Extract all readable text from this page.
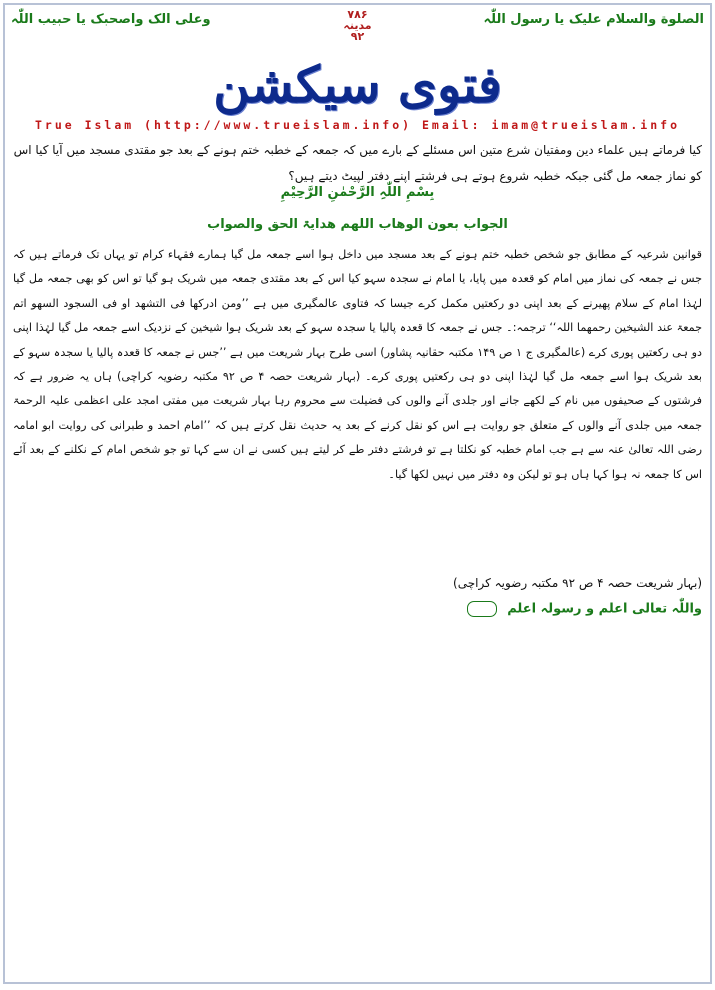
الصلوة والسلام علیک یا رسول اللّٰہ
۷۸۶
مدینہ
۹۲
وعلی الک واصحبک یا حبیب اللّٰہ
فتوی سیکشن
True Islam (http://www.trueislam.info) Email: imam@trueislam.info
کیا فرماتے ہیں علماء دین ومفتیان شرع متین اس مسئلے کے بارے میں کہ جمعہ کے خطبہ ختم ہونے کے بعد جو مقتدی مسجد میں آیا کیا اس کو نماز جمعہ مل گئی جبکہ خطبہ شروع ہوتے ہی فرشتے اپنے دفتر لپیٹ دیتے ہیں؟
بِسْمِ اللّٰہِ الرَّحْمٰنِ الرَّحِیْمِ
الجواب بعون الوھاب اللھم ھدایۃ الحق والصواب
قوانین شرعیہ کے مطابق جو شخص خطبہ ختم ہونے کے بعد مسجد میں داخل ہوا اسے جمعہ مل گیا ہمارے فقہاء کرام تو یہاں تک فرماتے ہیں کہ جس نے جمعہ کی نماز میں امام کو قعدہ میں پایا، یا امام نے سجدہ سہو کیا اس کے بعد مقتدی جمعہ میں شریک ہو گیا تو اس کو بھی جمعہ مل گیا لہٰذا امام کے سلام پھیرنے کے بعد اپنی دو رکعتیں مکمل کرے جیسا کہ فتاوی عالمگیری میں ہے ’’ومن ادرکھا فی التشھد او فی السجود السھو اتم جمعۃ عند الشیخین رحمھما اللہ‘‘ ترجمہ:۔ جس نے جمعہ کا قعدہ پالیا یا سجدہ سہو کے بعد شریک ہوا شیخین کے نزدیک اسے جمعہ مل گیا لہٰذا اپنی دو ہی رکعتیں پوری کرے (عالمگیری ج ۱ ص ۱۴۹ مکتبہ حقانیہ پشاور) اسی طرح بہار شریعت میں ہے ’’جس نے جمعہ کا قعدہ پالیا یا سجدہ سہو کے بعد شریک ہوا اسے جمعہ مل گیا لہٰذا اپنی دو ہی رکعتیں پوری کرے۔ (بہار شریعت حصہ ۴ ص ۹۲ مکتبہ رضویہ کراچی) ہاں یہ ضرور ہے کہ فرشتوں کے صحیفوں میں نام کے لکھے جانے اور جلدی آنے والوں کی فضیلت سے محروم رہا بہار شریعت میں مفتی امجد علی اعظمی علیہ الرحمۃ جمعہ میں جلدی آنے والوں کے متعلق جو روایت ہے اس کو نقل کرنے کے بعد یہ حدیث نقل کرتے ہیں کہ ’’امام احمد و طبرانی کی روایت ابو امامہ رضی اللہ تعالیٰ عنہ سے ہے جب امام خطبہ کو نکلتا ہے تو فرشتے دفتر طے کر لیتے ہیں کسی نے ان سے کہا تو جو شخص امام کے نکلنے کے بعد آئے اس کا جمعہ نہ ہوا کہا ہاں ہو تو لیکن وہ دفتر میں نہیں لکھا گیا۔
(بہار شریعت حصہ ۴ ص ۹۲ مکتبہ رضویہ کراچی)
واللّٰہ تعالی اعلم و رسولہ اعلم
